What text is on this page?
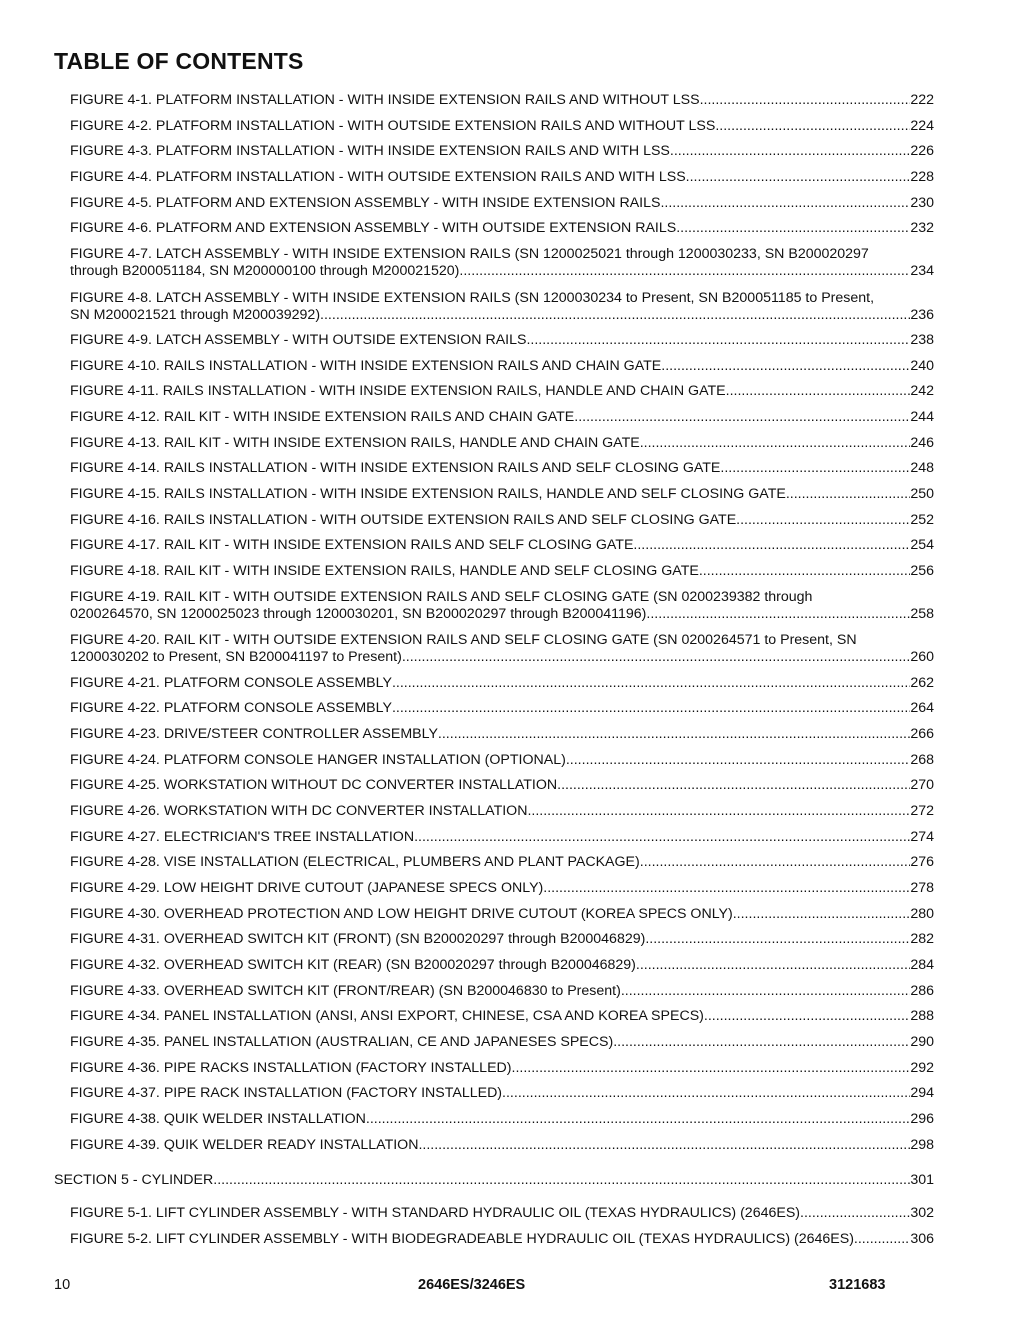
TABLE OF CONTENTS
FIGURE 4-1. PLATFORM INSTALLATION - WITH INSIDE EXTENSION RAILS AND WITHOUT LSS .....	222
FIGURE 4-2. PLATFORM INSTALLATION - WITH OUTSIDE EXTENSION RAILS AND WITHOUT LSS .....	224
FIGURE 4-3. PLATFORM INSTALLATION - WITH INSIDE EXTENSION RAILS AND WITH LSS .....	226
FIGURE 4-4. PLATFORM INSTALLATION - WITH OUTSIDE EXTENSION RAILS AND WITH LSS .....	228
FIGURE 4-5. PLATFORM AND EXTENSION ASSEMBLY - WITH INSIDE EXTENSION RAILS .....	230
FIGURE 4-6. PLATFORM AND EXTENSION ASSEMBLY - WITH OUTSIDE EXTENSION RAILS .....	232
FIGURE 4-7. LATCH ASSEMBLY - WITH INSIDE EXTENSION RAILS (SN 1200025021 through 1200030233, SN B200020297
through B200051184, SN M200000100 through M200021520) .....	234
FIGURE 4-8. LATCH ASSEMBLY - WITH INSIDE EXTENSION RAILS (SN 1200030234 to Present, SN B200051185 to Present,
SN M200021521 through M200039292) .....	236
FIGURE 4-9. LATCH ASSEMBLY - WITH OUTSIDE EXTENSION RAILS .....	238
FIGURE 4-10. RAILS INSTALLATION - WITH INSIDE EXTENSION RAILS AND CHAIN GATE .....	240
FIGURE 4-11. RAILS INSTALLATION - WITH INSIDE EXTENSION RAILS, HANDLE AND CHAIN GATE .....	242
FIGURE 4-12. RAIL KIT - WITH INSIDE EXTENSION RAILS AND CHAIN GATE .....	244
FIGURE 4-13. RAIL KIT - WITH INSIDE EXTENSION RAILS, HANDLE AND CHAIN GATE .....	246
FIGURE 4-14. RAILS INSTALLATION - WITH INSIDE EXTENSION RAILS AND SELF CLOSING GATE .....	248
FIGURE 4-15. RAILS INSTALLATION - WITH INSIDE EXTENSION RAILS, HANDLE AND SELF CLOSING GATE .....	250
FIGURE 4-16. RAILS INSTALLATION - WITH OUTSIDE EXTENSION RAILS AND SELF CLOSING GATE .....	252
FIGURE 4-17. RAIL KIT - WITH INSIDE EXTENSION RAILS AND SELF CLOSING GATE .....	254
FIGURE 4-18. RAIL KIT - WITH INSIDE EXTENSION RAILS, HANDLE AND SELF CLOSING GATE .....	256
FIGURE 4-19. RAIL KIT - WITH OUTSIDE EXTENSION RAILS AND SELF CLOSING GATE (SN 0200239382 through
0200264570, SN 1200025023 through 1200030201, SN B200020297 through B200041196) .....	258
FIGURE 4-20. RAIL KIT - WITH OUTSIDE EXTENSION RAILS AND SELF CLOSING GATE (SN 0200264571 to Present, SN
1200030202 to Present, SN B200041197 to Present) .....	260
FIGURE 4-21. PLATFORM CONSOLE ASSEMBLY .....	262
FIGURE 4-22. PLATFORM CONSOLE ASSEMBLY .....	264
FIGURE 4-23. DRIVE/STEER CONTROLLER ASSEMBLY .....	266
FIGURE 4-24. PLATFORM CONSOLE HANGER INSTALLATION (OPTIONAL) .....	268
FIGURE 4-25. WORKSTATION WITHOUT DC CONVERTER INSTALLATION .....	270
FIGURE 4-26. WORKSTATION WITH DC CONVERTER INSTALLATION .....	272
FIGURE 4-27. ELECTRICIAN'S TREE INSTALLATION .....	274
FIGURE 4-28. VISE INSTALLATION (ELECTRICAL, PLUMBERS AND PLANT PACKAGE) .....	276
FIGURE 4-29. LOW HEIGHT DRIVE CUTOUT (JAPANESE SPECS ONLY) .....	278
FIGURE 4-30. OVERHEAD PROTECTION AND LOW HEIGHT DRIVE CUTOUT (KOREA SPECS ONLY) .....	280
FIGURE 4-31. OVERHEAD SWITCH KIT (FRONT) (SN B200020297 through B200046829) .....	282
FIGURE 4-32. OVERHEAD SWITCH KIT (REAR) (SN B200020297 through B200046829) .....	284
FIGURE 4-33. OVERHEAD SWITCH KIT (FRONT/REAR) (SN B200046830 to Present) .....	286
FIGURE 4-34. PANEL INSTALLATION (ANSI, ANSI EXPORT, CHINESE, CSA AND KOREA SPECS) .....	288
FIGURE 4-35. PANEL INSTALLATION (AUSTRALIAN, CE AND JAPANESES SPECS) .....	290
FIGURE 4-36. PIPE RACKS INSTALLATION (FACTORY INSTALLED) .....	292
FIGURE 4-37. PIPE RACK INSTALLATION (FACTORY INSTALLED) .....	294
FIGURE 4-38. QUIK WELDER INSTALLATION .....	296
FIGURE 4-39. QUIK WELDER READY INSTALLATION .....	298
SECTION 5 - CYLINDER .....	301
FIGURE 5-1. LIFT CYLINDER ASSEMBLY - WITH STANDARD HYDRAULIC OIL (TEXAS HYDRAULICS) (2646ES) .....	302
FIGURE 5-2. LIFT CYLINDER ASSEMBLY - WITH BIODEGRADEABLE HYDRAULIC OIL (TEXAS HYDRAULICS) (2646ES) .....	306
10	2646ES/3246ES	3121683
